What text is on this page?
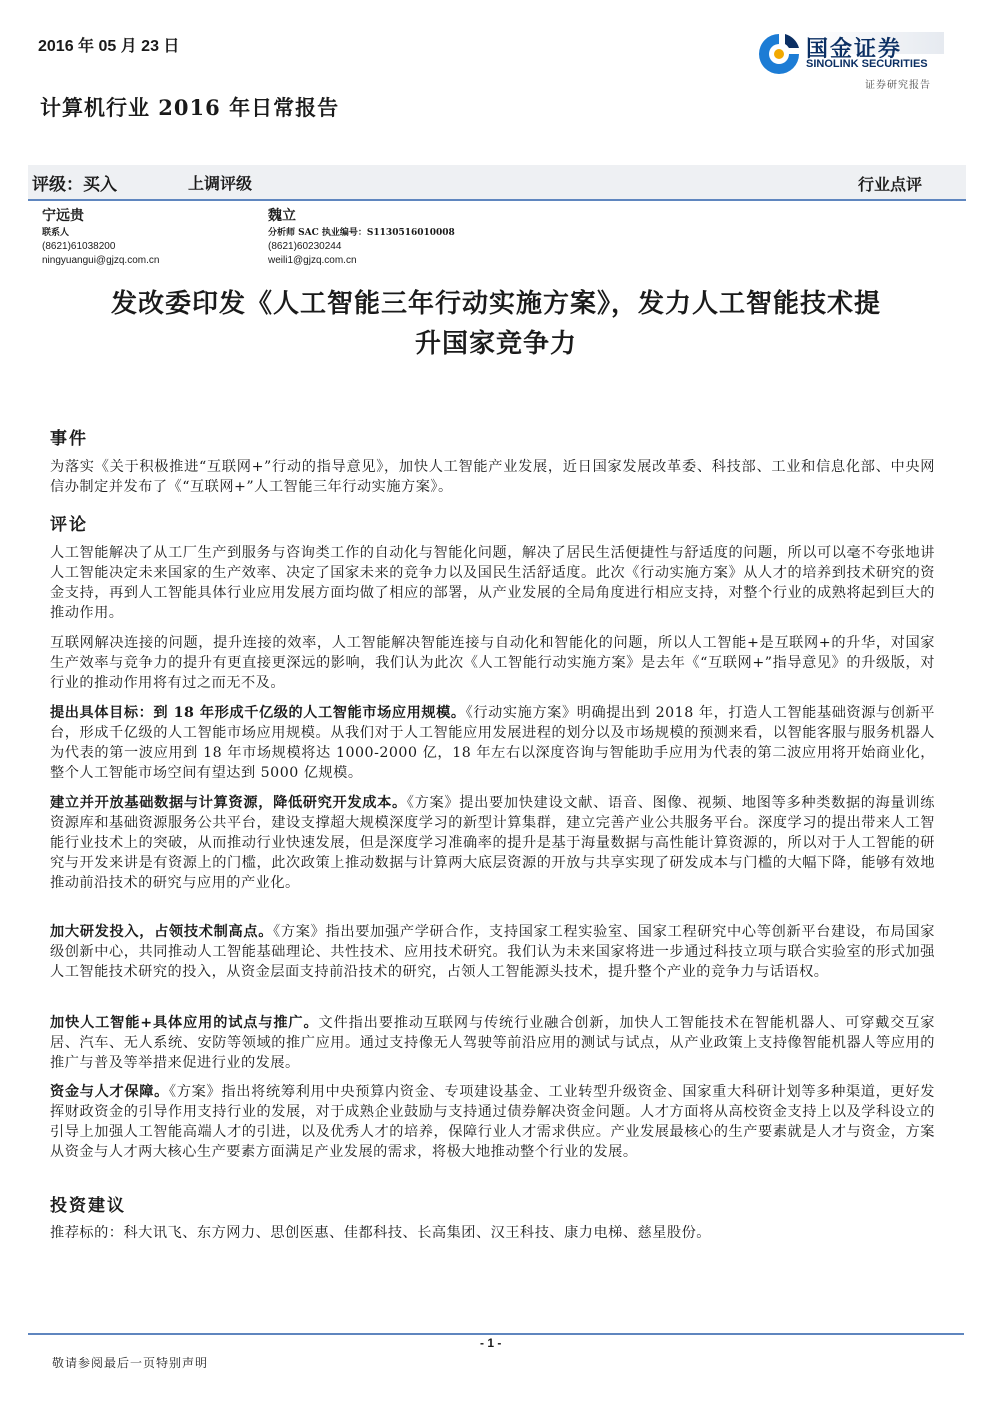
2016 年 05 月 23 日	国金证券
SINOLINK SECURITIES
证券研究报告
计算机行业 2016 年日常报告
评级：买入	上调评级	行业点评
宁远贵
联系人
(8621)61038200
ningyuangui@gjzq.com.cn
魏立
分析师 SAC 执业编号：S1130516010008
(8621)60230244
weili1@gjzq.com.cn
发改委印发《人工智能三年行动实施方案》，发力人工智能技术提
升国家竞争力
事件
为落实《关于积极推进“互联网+”行动的指导意见》，加快人工智能产业发展，近日国家发展改革委、科技部、工业和信息化部、中央网信办制定并发布了《“互联网+”人工智能三年行动实施方案》。
评论
人工智能解决了从工厂生产到服务与咨询类工作的自动化与智能化问题，解决了居民生活便捷性与舒适度的问题，所以可以毫不夸张地讲人工智能决定未来国家的生产效率、决定了国家未来的竞争力以及国民生活舒适度。此次《行动实施方案》从人才的培养到技术研究的资金支持，再到人工智能具体行业应用发展方面均做了相应的部署，从产业发展的全局角度进行相应支持，对整个行业的成熟将起到巨大的推动作用。
互联网解决连接的问题，提升连接的效率，人工智能解决智能连接与自动化和智能化的问题，所以人工智能+是互联网+的升华，对国家生产效率与竞争力的提升有更直接更深远的影响，我们认为此次《人工智能行动实施方案》是去年《“互联网+”指导意见》的升级版，对行业的推动作用将有过之而无不及。
提出具体目标：到 18 年形成千亿级的人工智能市场应用规模。《行动实施方案》明确提出到 2018 年，打造人工智能基础资源与创新平台，形成千亿级的人工智能市场应用规模。从我们对于人工智能应用发展进程的划分以及市场规模的预测来看，以智能客服与服务机器人为代表的第一波应用到 18 年市场规模将达 1000-2000 亿，18 年左右以深度咨询与智能助手应用为代表的第二波应用将开始商业化，整个人工智能市场空间有望达到 5000 亿规模。
建立并开放基础数据与计算资源，降低研究开发成本。《方案》提出要加快建设文献、语音、图像、视频、地图等多种类数据的海量训练资源库和基础资源服务公共平台，建设支撑超大规模深度学习的新型计算集群，建立完善产业公共服务平台。深度学习的提出带来人工智能行业技术上的突破，从而推动行业快速发展，但是深度学习准确率的提升是基于海量数据与高性能计算资源的，所以对于人工智能的研究与开发来讲是有资源上的门槛，此次政策上推动数据与计算两大底层资源的开放与共享实现了研发成本与门槛的大幅下降，能够有效地推动前沿技术的研究与应用的产业化。
加大研发投入，占领技术制高点。《方案》指出要加强产学研合作，支持国家工程实验室、国家工程研究中心等创新平台建设，布局国家级创新中心，共同推动人工智能基础理论、共性技术、应用技术研究。我们认为未来国家将进一步通过科技立项与联合实验室的形式加强人工智能技术研究的投入，从资金层面支持前沿技术的研究，占领人工智能源头技术，提升整个产业的竞争力与话语权。
加快人工智能+具体应用的试点与推广。文件指出要推动互联网与传统行业融合创新，加快人工智能技术在智能机器人、可穿戴交互家居、汽车、无人系统、安防等领域的推广应用。通过支持像无人驾驶等前沿应用的测试与试点，从产业政策上支持像智能机器人等应用的推广与普及等举措来促进行业的发展。
资金与人才保障。《方案》指出将统筹利用中央预算内资金、专项建设基金、工业转型升级资金、国家重大科研计划等多种渠道，更好发挥财政资金的引导作用支持行业的发展，对于成熟企业鼓励与支持通过债券解决资金问题。人才方面将从高校资金支持上以及学科设立的引导上加强人工智能高端人才的引进，以及优秀人才的培养，保障行业人才需求供应。产业发展最核心的生产要素就是人才与资金，方案从资金与人才两大核心生产要素方面满足产业发展的需求，将极大地推动整个行业的发展。
投资建议
推荐标的：科大讯飞、东方网力、思创医惠、佳都科技、长高集团、汉王科技、康力电梯、慈星股份。
- 1 -
敬请参阅最后一页特别声明
